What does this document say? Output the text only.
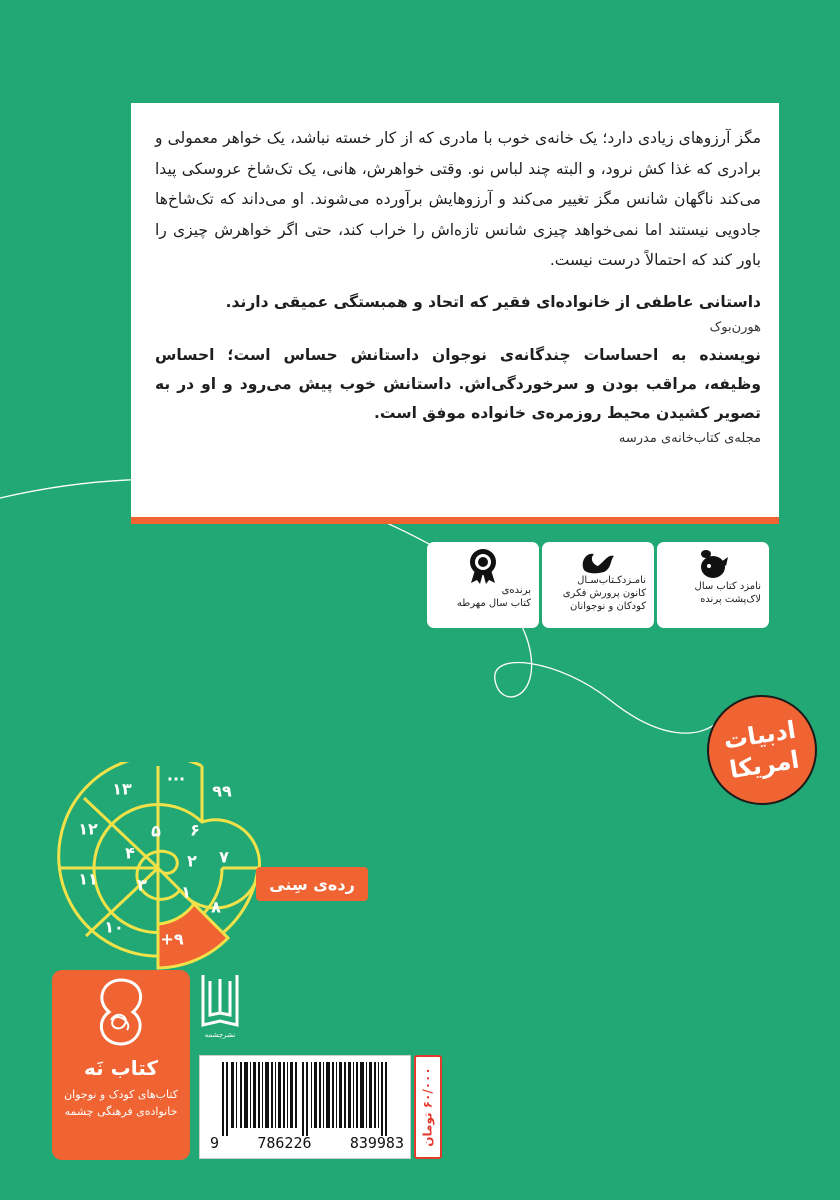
مگز آرزوهای زیادی دارد؛ یک خانه‌ی خوب با مادری که از کار خسته نباشد، یک خواهر معمولی و برادری که غذا کش نرود، و البته چند لباس نو. وقتی خواهرش، هانی، یک تک‌شاخ عروسکی پیدا می‌کند ناگهان شانس مگز تغییر می‌کند و آرزوهایش برآورده می‌شوند. او می‌داند که تک‌شاخ‌ها جادویی نیستند اما نمی‌خواهد چیزی شانس تازه‌اش را خراب کند، حتی اگر خواهرش چیزی را باور کند که احتمالاً درست نیست.

داستانی عاطفی از خانواده‌ای فقیر که اتحاد و همبستگی عمیقی دارند.

هورن‌بوک

نویسنده به احساسات چندگانه‌ی نوجوان داستانش حساس است؛ احساس وظیفه، مراقب بودن و سرخوردگی‌اش. داستانش خوب پیش می‌رود و او در به تصویر کشیدن محیط روزمره‌ی خانواده موفق است.

مجله‌ی کتاب‌خانه‌ی مدرسه

نامزد کتاب سال
لاک‌پشت پرنده
نامـزدکـتاب‌سـال
کانون پرورش فکری
کودکان و نوجوانان
برنده‌ی
کتاب سال مهرطه
ادبیات
امریکا
۱
۲
۳
۴
۵ ۶
۷
۸
+۹
۱۰
۱۱
۱۲
۱۳
...
۹۹
رده‌ی سِنی
کتاب نَه
کتاب‌های کودک و نوجوان
خانواده‌ی فرهنگی چشمه
نشرچشمه
9	786226	839983 ۶۰/۰۰۰ تومان
